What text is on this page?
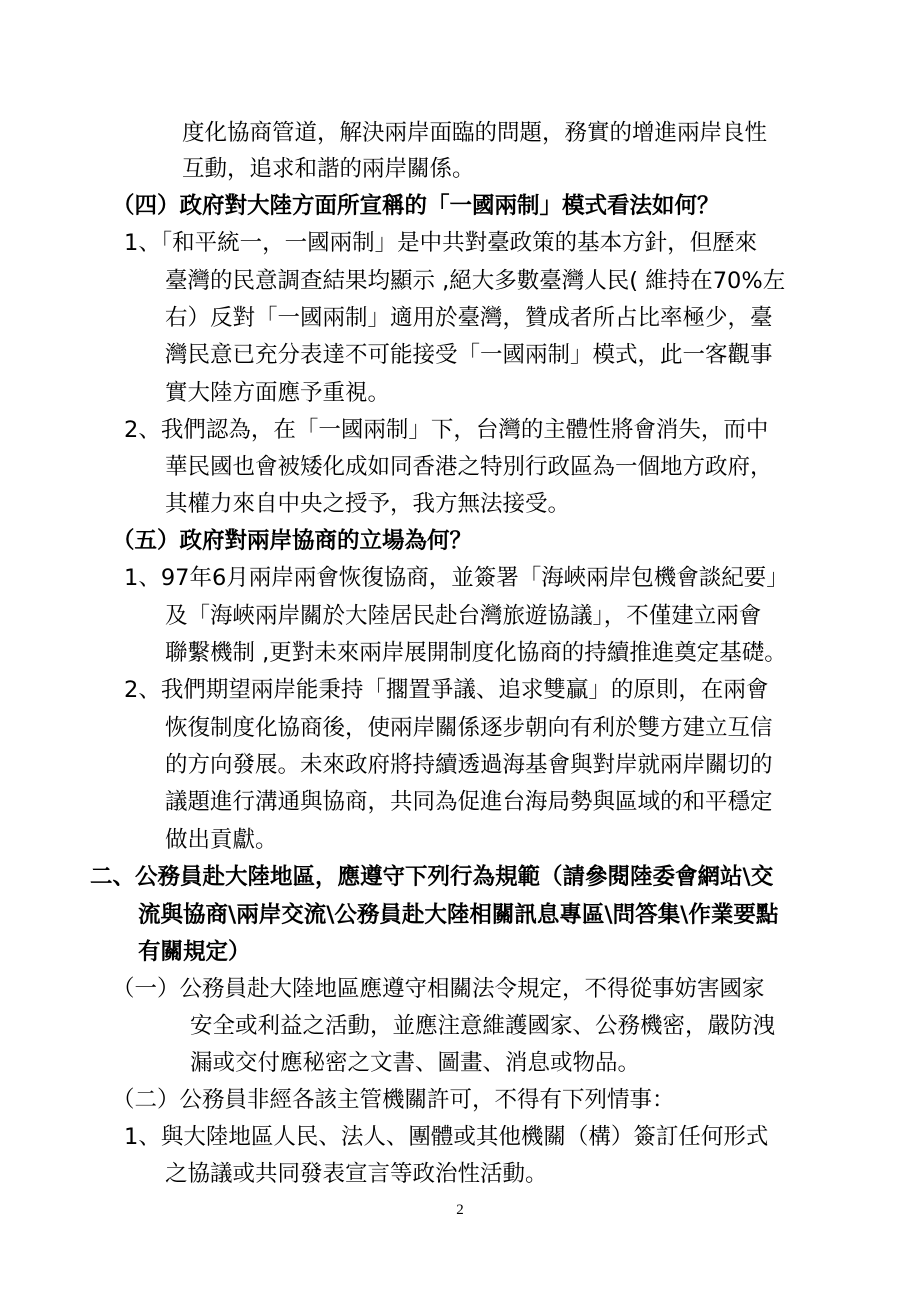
度化協商管道，解決兩岸面臨的問題，務實的增進兩岸良性
互動，追求和諧的兩岸關係。
（四）政府對大陸方面所宣稱的「一國兩制」模式看法如何？
1、「和平統一，一國兩制」是中共對臺政策的基本方針，但歷來
臺灣的民意調查結果均顯示 ,絕大多數臺灣人民( 維持在70%左
右）反對「一國兩制」適用於臺灣，贊成者所占比率極少，臺
灣民意已充分表達不可能接受「一國兩制」模式，此一客觀事
實大陸方面應予重視。
2、我們認為，在「一國兩制」下，台灣的主體性將會消失，而中
華民國也會被矮化成如同香港之特別行政區為一個地方政府，
其權力來自中央之授予，我方無法接受。
（五）政府對兩岸協商的立場為何？
1、97年6月兩岸兩會恢復協商，並簽署「海峽兩岸包機會談紀要」
及「海峽兩岸關於大陸居民赴台灣旅遊協議」，不僅建立兩會
聯繫機制 ,更對未來兩岸展開制度化協商的持續推進奠定基礎。
2、我們期望兩岸能秉持「擱置爭議、追求雙贏」的原則，在兩會
恢復制度化協商後，使兩岸關係逐步朝向有利於雙方建立互信
的方向發展。未來政府將持續透過海基會與對岸就兩岸關切的
議題進行溝通與協商，共同為促進台海局勢與區域的和平穩定
做出貢獻。
二、公務員赴大陸地區，應遵守下列行為規範（請參閱陸委會網站\交
流與協商\兩岸交流\公務員赴大陸相關訊息專區\問答集\作業要點
有關規定）
（一）公務員赴大陸地區應遵守相關法令規定，不得從事妨害國家
安全或利益之活動，並應注意維護國家、公務機密，嚴防洩
漏或交付應秘密之文書、圖畫、消息或物品。
（二）公務員非經各該主管機關許可，不得有下列情事：
1、與大陸地區人民、法人、團體或其他機關（構）簽訂任何形式
之協議或共同發表宣言等政治性活動。
2
